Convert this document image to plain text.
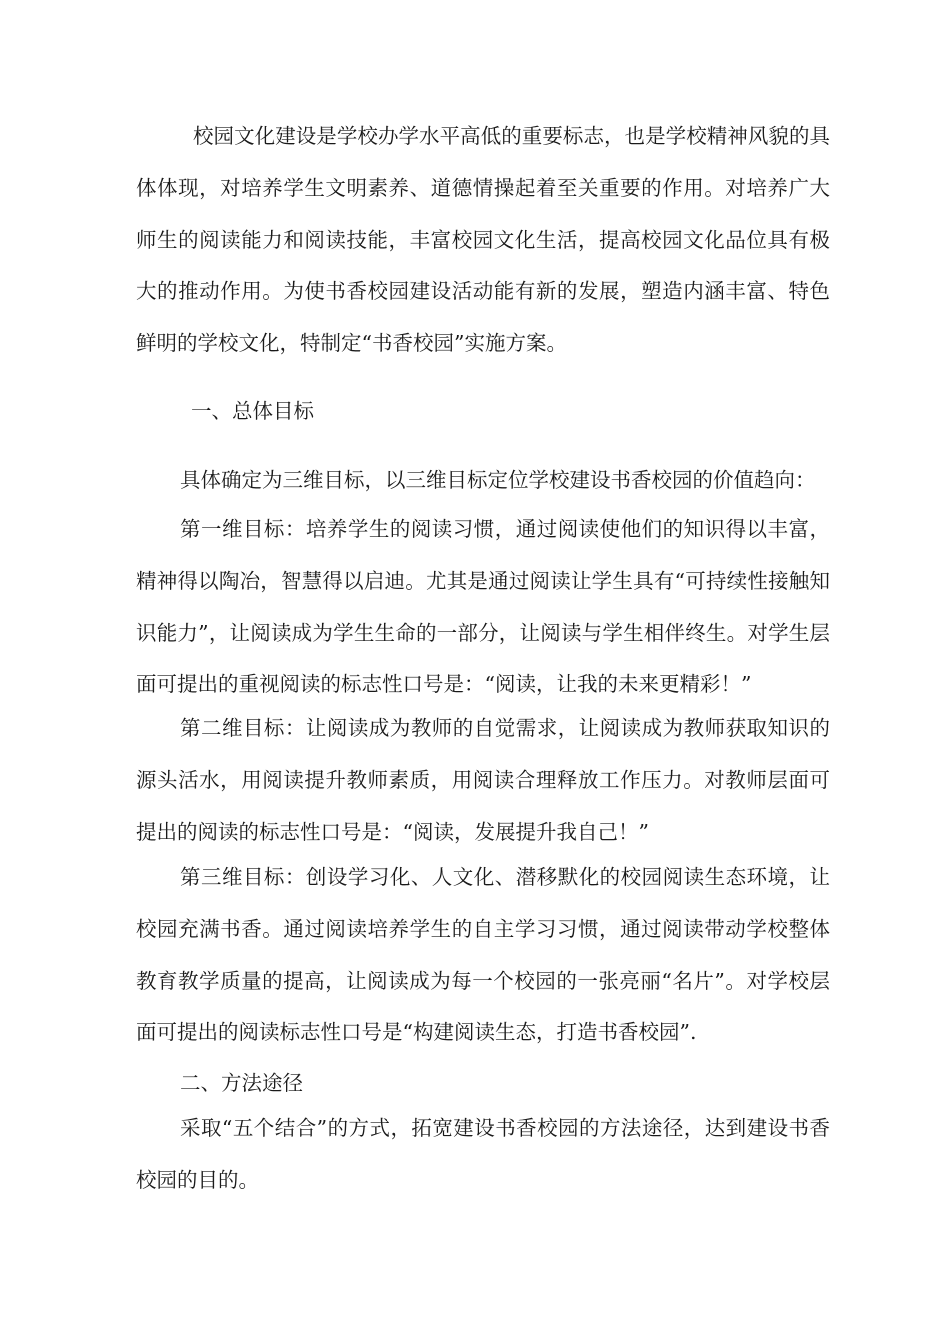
校园文化建设是学校办学水平高低的重要标志，也是学校精神风貌的具体体现，对培养学生文明素养、道德情操起着至关重要的作用。对培养广大师生的阅读能力和阅读技能，丰富校园文化生活，提高校园文化品位具有极大的推动作用。为使书香校园建设活动能有新的发展，塑造内涵丰富、特色鲜明的学校文化，特制定“书香校园”实施方案。

一、总体目标

具体确定为三维目标，以三维目标定位学校建设书香校园的价值趋向：

第一维目标：培养学生的阅读习惯，通过阅读使他们的知识得以丰富，精神得以陶冶，智慧得以启迪。尤其是通过阅读让学生具有“可持续性接触知识能力”，让阅读成为学生生命的一部分，让阅读与学生相伴终生。对学生层面可提出的重视阅读的标志性口号是：“阅读，让我的未来更精彩！”

第二维目标：让阅读成为教师的自觉需求，让阅读成为教师获取知识的源头活水，用阅读提升教师素质，用阅读合理释放工作压力。对教师层面可提出的阅读的标志性口号是：“阅读，发展提升我自己！”

第三维目标：创设学习化、人文化、潜移默化的校园阅读生态环境，让校园充满书香。通过阅读培养学生的自主学习习惯，通过阅读带动学校整体教育教学质量的提高，让阅读成为每一个校园的一张亮丽“名片”。对学校层面可提出的阅读标志性口号是“构建阅读生态，打造书香校园”.

二、方法途径

采取“五个结合”的方式，拓宽建设书香校园的方法途径，达到建设书香校园的目的。
